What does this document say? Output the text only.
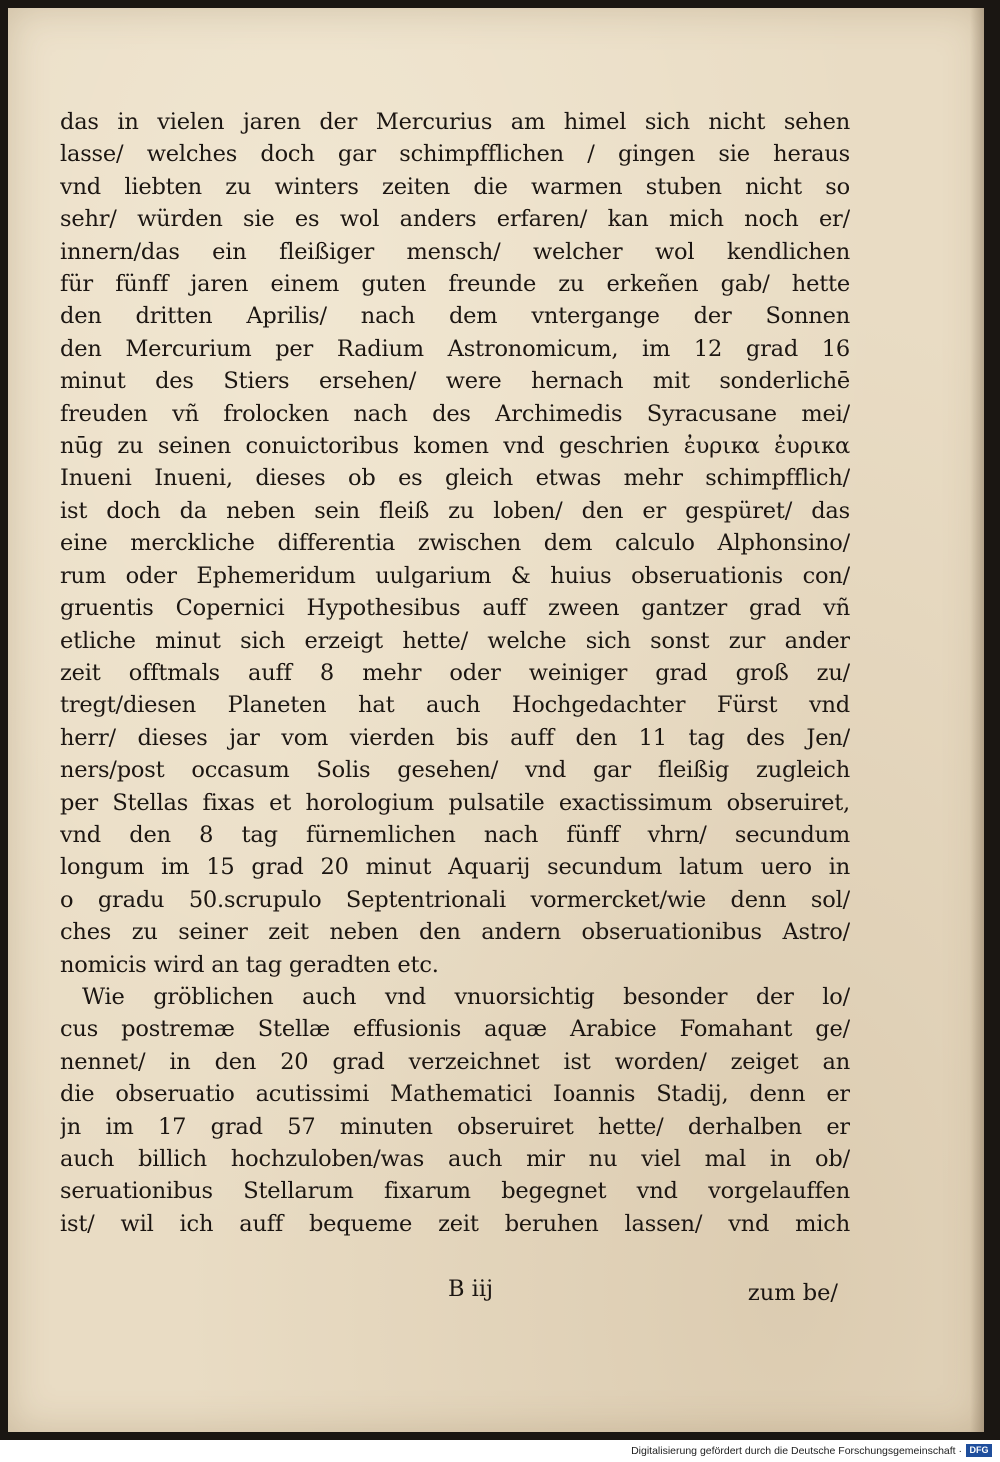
das in vielen jaren der Mercurius am himel sich nicht sehen
lasse/ welches doch gar schimpfflichen / gingen sie heraus
vnd liebten zu winters zeiten die warmen stuben nicht so
sehr/ würden sie es wol anders erfaren/ kan mich noch er/
innern/das ein fleißiger mensch/ welcher wol kendlichen
für fünff jaren einem guten freunde zu erkeñen gab/ hette
den dritten Aprilis/ nach dem vntergange der Sonnen
den Mercurium per Radium Astronomicum, im 12 grad 16
minut des Stiers ersehen/ were hernach mit sonderlichē
freuden vñ frolocken nach des Archimedis Syracusane mei/
nūg zu seinen conuictoribus komen vnd geschrien ἐυρικα ἐυρικα
Inueni Inueni, dieses ob es gleich etwas mehr schimpfflich/
ist doch da neben sein fleiß zu loben/ den er gespüret/ das
eine merckliche differentia zwischen dem calculo Alphonsino/
rum oder Ephemeridum uulgarium & huius obseruationis con/
gruentis Copernici Hypothesibus auff zween gantzer grad vñ
etliche minut sich erzeigt hette/ welche sich sonst zur ander
zeit offtmals auff 8 mehr oder weiniger grad groß zu/
tregt/diesen Planeten hat auch Hochgedachter Fürst vnd
herr/ dieses jar vom vierden bis auff den 11 tag des Jen/
ners/post occasum Solis gesehen/ vnd gar fleißig zugleich
per Stellas fixas et horologium pulsatile exactissimum obseruiret,
vnd den 8 tag fürnemlichen nach fünff vhrn/ secundum
longum im 15 grad 20 minut Aquarij secundum latum uero in
o gradu 50.scrupulo Septentrionali vormercket/wie denn sol/
ches zu seiner zeit neben den andern obseruationibus Astro/
nomicis wird an tag geradten etc.
Wie gröblichen auch vnd vnuorsichtig besonder der lo/
cus postremæ Stellæ effusionis aquæ Arabice Fomahant ge/
nennet/ in den 20 grad verzeichnet ist worden/ zeiget an
die obseruatio acutissimi Mathematici Ioannis Stadij, denn er
jn im 17 grad 57 minuten obseruiret hette/ derhalben er
auch billich hochzuloben/was auch mir nu viel mal in ob/
seruationibus Stellarum fixarum begegnet vnd vorgelauffen
ist/ wil ich auff bequeme zeit beruhen lassen/ vnd mich
B iij	zum be/
Digitalisierung gefördert durch die Deutsche Forschungsgemeinschaft · DFG
